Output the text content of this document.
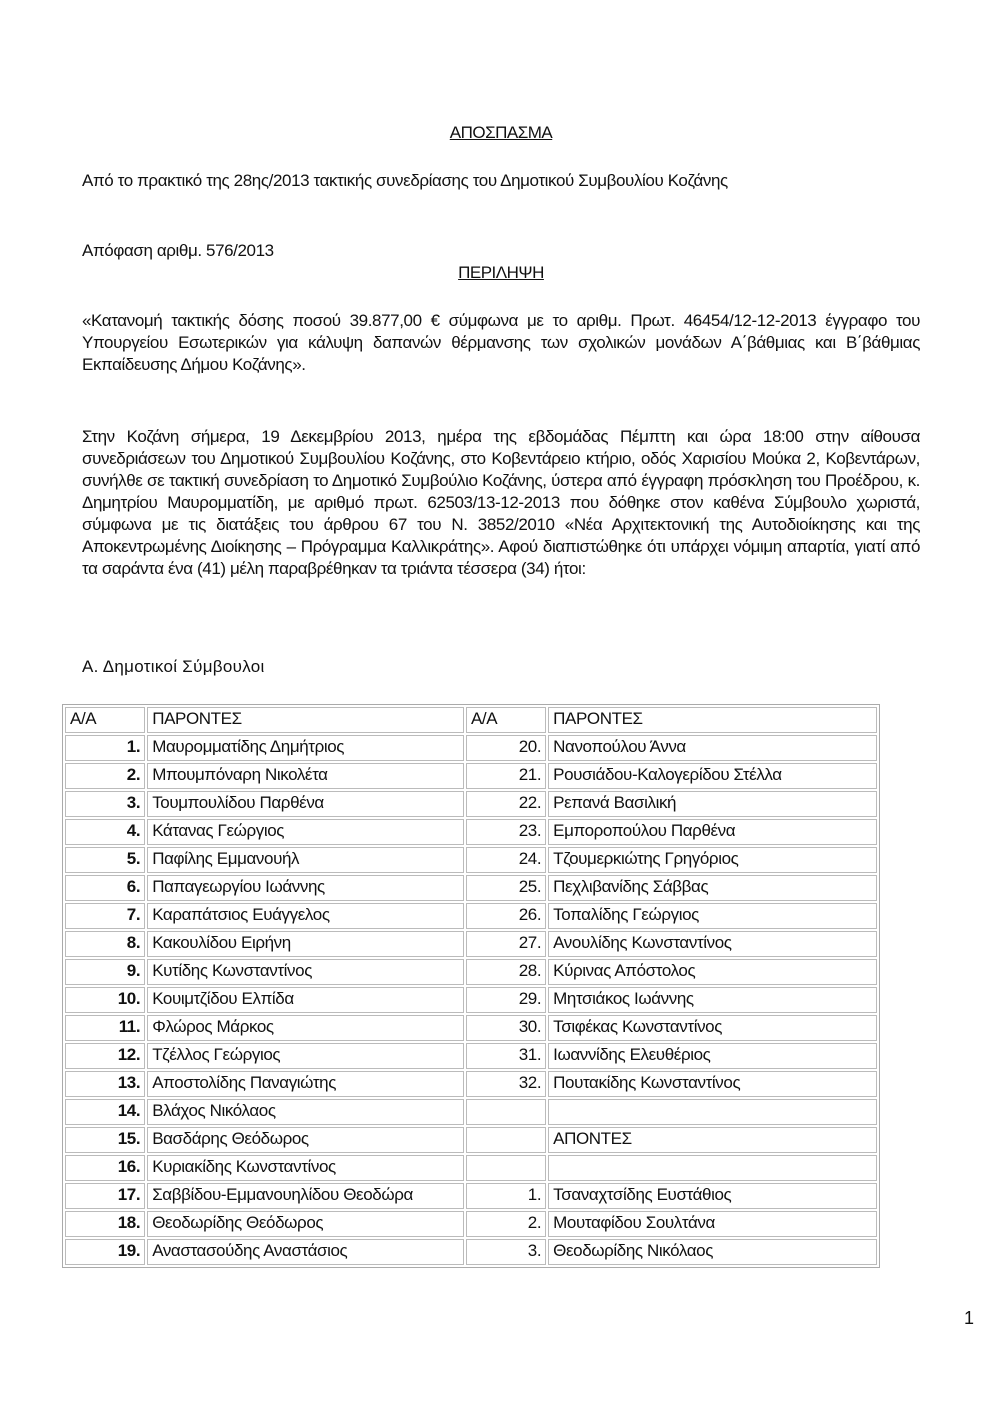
ΑΠΟΣΠΑΣΜΑ
Από το πρακτικό της 28ης/2013 τακτικής συνεδρίασης του Δημοτικού Συμβουλίου Κοζάνης
Απόφαση αριθμ. 576/2013
ΠΕΡΙΛΗΨΗ
«Κατανομή τακτικής δόσης ποσού 39.877,00 € σύμφωνα με το αριθμ. Πρωτ. 46454/12-12-2013 έγγραφο του Υπουργείου Εσωτερικών για κάλυψη δαπανών θέρμανσης των σχολικών μονάδων Α΄βάθμιας και Β΄βάθμιας Εκπαίδευσης Δήμου Κοζάνης».
Στην Κοζάνη σήμερα, 19 Δεκεμβρίου 2013, ημέρα της εβδομάδας Πέμπτη και ώρα 18:00 στην αίθουσα συνεδριάσεων του Δημοτικού Συμβουλίου Κοζάνης, στο Κοβεντάρειο κτήριο, οδός Χαρισίου Μούκα 2, Κοβεντάρων, συνήλθε σε τακτική συνεδρίαση το Δημοτικό Συμβούλιο Κοζάνης, ύστερα από έγγραφη πρόσκληση του Προέδρου, κ. Δημητρίου Μαυρομματίδη, με αριθμό πρωτ. 62503/13-12-2013 που δόθηκε στον καθένα Σύμβουλο χωριστά, σύμφωνα με τις διατάξεις του άρθρου 67 του Ν. 3852/2010 «Νέα Αρχιτεκτονική της Αυτοδιοίκησης και της Αποκεντρωμένης Διοίκησης – Πρόγραμμα Καλλικράτης». Αφού διαπιστώθηκε ότι υπάρχει νόμιμη απαρτία, γιατί από τα σαράντα ένα (41) μέλη παραβρέθηκαν τα τριάντα τέσσερα (34) ήτοι:
Α. Δημοτικοί Σύμβουλοι
Α/Α	ΠΑΡΟΝΤΕΣ	Α/Α	ΠΑΡΟΝΤΕΣ
1.	Μαυρομματίδης Δημήτριος	20.	Νανοπούλου Άννα
2.	Μπουμπόναρη Νικολέτα	21.	Ρουσιάδου-Καλογερίδου Στέλλα
3.	Τουμπουλίδου Παρθένα	22.	Ρεπανά Βασιλική
4.	Κάτανας Γεώργιος	23.	Εμποροπούλου Παρθένα
5.	Παφίλης Εμμανουήλ	24.	Τζουμερκιώτης Γρηγόριος
6.	Παπαγεωργίου Ιωάννης	25.	Πεχλιβανίδης Σάββας
7.	Καραπάτσιος Ευάγγελος	26.	Τοπαλίδης Γεώργιος
8.	Κακουλίδου Ειρήνη	27.	Ανουλίδης Κωνσταντίνος
9.	Κυτίδης Κωνσταντίνος	28.	Κύρινας Απόστολος
10.	Κουιμτζίδου Ελπίδα	29.	Μητσιάκος Ιωάννης
11.	Φλώρος Μάρκος	30.	Τσιφέκας Κωνσταντίνος
12.	Τζέλλος Γεώργιος	31.	Ιωαννίδης Ελευθέριος
13.	Αποστολίδης Παναγιώτης	32.	Πουτακίδης Κωνσταντίνος
14.	Βλάχος Νικόλαος		
15.	Βασδάρης Θεόδωρος		ΑΠΟΝΤΕΣ
16.	Κυριακίδης Κωνσταντίνος		
17.	Σαββίδου-Εμμανουηλίδου Θεοδώρα	1.	Τσαναχτσίδης Ευστάθιος
18.	Θεοδωρίδης Θεόδωρος	2.	Μουταφίδου Σουλτάνα
19.	Αναστασούδης Αναστάσιος	3.	Θεοδωρίδης Νικόλαος
1
